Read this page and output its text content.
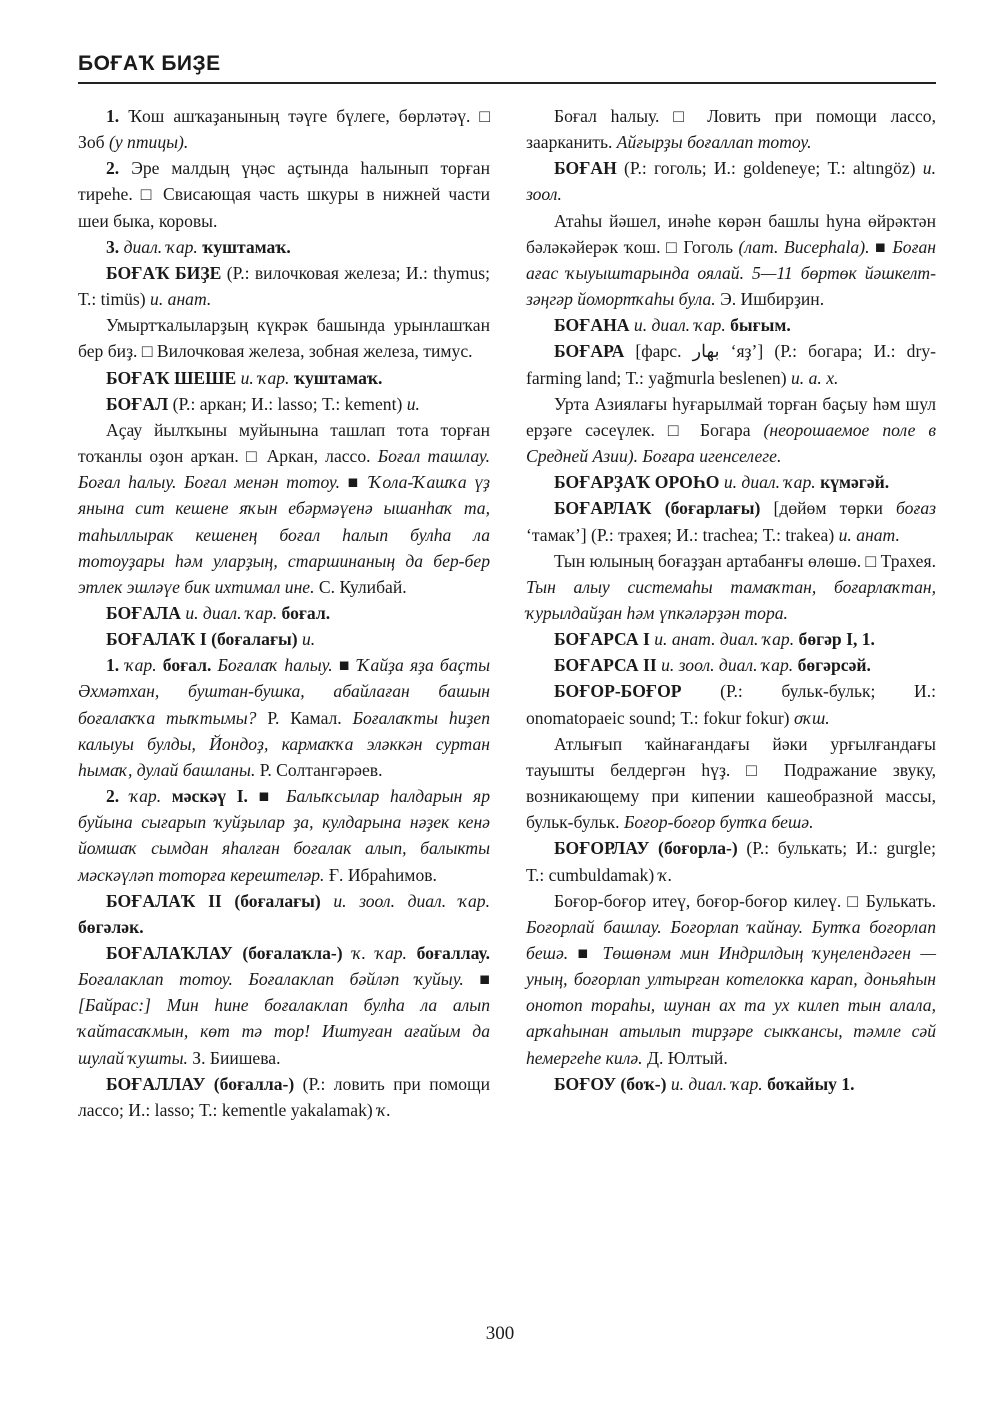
БОҒАҠ БИҘЕ

1. Ҡош ашҡаҙанының тәүге бүлеге, бөрләтәү. □ Зоб (у птицы).

2. Эре малдың үңәс аҫтында һалынып торған тиреһе. □ Свисающая часть шкуры в нижней части шеи быка, коровы.

3. диал. ҡар. ҡуштамаҡ.

БОҒАҠ БИҘЕ (Р.: вилочковая железа; И.: thymus; Т.: timüs) и. анат.

Умыртҡалыларҙың күкрәк башында урынлашҡан бер биҙ. □ Вилочковая железа, зобная железа, тимус.

БОҒАҠ ШЕШЕ и. ҡар. ҡуштамаҡ.

БОҒАЛ (Р.: аркан; И.: lasso; Т.: kement) и.

Аҫау йылҡыны муйынына ташлап тота торған тоҡанлы оҙон арҡан. □ Аркан, лассо. Боғал ташлау. Боғал һалыу. Боғал менән тотоу. ■ Ҡола-Ҡашҡа үҙ янына сит кешене яҡын ебәрмәүенә ышанһаҡ та, таһыллырак кешенең боғал һалып булһа ла тотоуҙары һәм уларҙың, старшинаның да бер-бер этлек эшләүе бик ихтимал ине. С. Кулибай.

БОҒАЛА и. диал. ҡар. боғал.

БОҒАЛАҠ I (боғалағы) и.

1. ҡар. боғал. Боғалаҡ һалыу. ■ Ҡайҙа яҙа баҫты Әхмәтхан, буштан-бушка, абайлаған башын боғалаҡҡа тыҡтымы? Р. Камал. Боғалаҡты һиҙеп калыуы булды, Йондоҙ, кармаҡҡа эләккән суртан һымаҡ, дулай башланы. Р. Солтангәрәев.

2. ҡар. мәскәү I. ■ Балыҡсылар һалдарын яр буйына сығарып ҡуйҙылар ҙа, кулдарына нәҙек кенә йомшаҡ сымдан яһалған боғалак алып, балыкты мәскәүләп тоторға керештеләр. Ғ. Ибраһимов.

БОҒАЛАҠ II (боғалағы) и. зоол. диал. ҡар. бөгәләк.

БОҒАЛАҠЛАУ (боғалаҡла-) ҡ. ҡар. боғаллау. Боғалаклап тотоу. Боғалаклап бәйләп ҡуйыу. ■ [Байрас:] Мин һине боғалаклап булһа ла алып ҡайтасаҡмын, көт тә тор! Иштуған ағайым да шулай ҡушты. З. Биишева.

БОҒАЛЛАУ (боғалла-) (Р.: ловить при помощи лассо; И.: lasso; Т.: kementle yakalamak) ҡ.

Боғал һалыу. □ Ловить при помощи лассо, заарканить. Айғырҙы боғаллап тотоу.

БОҒАН (Р.: гоголь; И.: goldeneye; Т.: altıngöz) и. зоол.

Атаһы йәшел, инәһе көрән башлы һуна өйрәктән бәләкәйерәк ҡош. □ Гоголь (лат. Bucephala). ■ Боған ағас ҡыуыштарында оялай. 5—11 бөртөк йәшкелт-зәңгәр йомортҡаһы була. Э. Ишбирҙин.

БОҒАНА и. диал. ҡар. бығым.

БОҒАРА [фарс. بهار ‘яҙ’] (Р.: богара; И.: dry-farming land; Т.: yağmurla beslenen) и. а. х.

Урта Азиялағы һуғарылмай торған баҫыу һәм шул ерҙәге сәсеүлек. □ Богара (неорошаемое поле в Средней Азии). Боғара игенселеге.

БОҒАРҘАҠ ОРОҺО и. диал. ҡар. күмәгәй.

БОҒАРЛАҠ (боғарлағы) [дөйөм төрки боғаз ‘тамак’] (Р.: трахея; И.: trachea; Т.: trakea) и. анат.

Тын юлының боғаҙҙан артабанғы өлөшө. □ Трахея. Тын алыу системаһы тамаҡтан, боғарлаҡтан, ҡурылдайҙан һәм үпкәләрҙән тора.

БОҒАРСА I и. анат. диал. ҡар. бөгәр I, 1.

БОҒАРСА II и. зоол. диал. ҡар. бөгәрсәй.

БОҒОР-БОҒОР (Р.: бульк-бульк; И.: onomatopaeic sound; Т.: fokur fokur) оҡш.

Атлығып ҡайнағандағы йәки урғылғандағы тауышты белдергән һүҙ. □ Подражание звуку, возникающему при кипении кашеобразной массы, бульк-бульк. Боғор-боғор бутҡа бешә.

БОҒОРЛАУ (боғорла-) (Р.: булькать; И.: gurgle; Т.: cumbuldamak) ҡ.

Боғор-боғор итеү, боғор-боғор килеү. □ Булькать. Боғорлай башлау. Боғорлап ҡайнау. Бутҡа боғорлап бешә. ■ Төшөнәм мин Индрилдың ҡуңелендәген — уның, боғорлап ултырған котелокка карап, доньяһын онотоп тораһы, шунан ах та ух килеп тын алала, арҡаһынан атылып тирҙәре сыкҡансы, тәмле сәй һемергеһе килә. Д. Юлтый.

БОҒОУ (боҡ-) и. диал. ҡар. боҡайыу 1.

300
